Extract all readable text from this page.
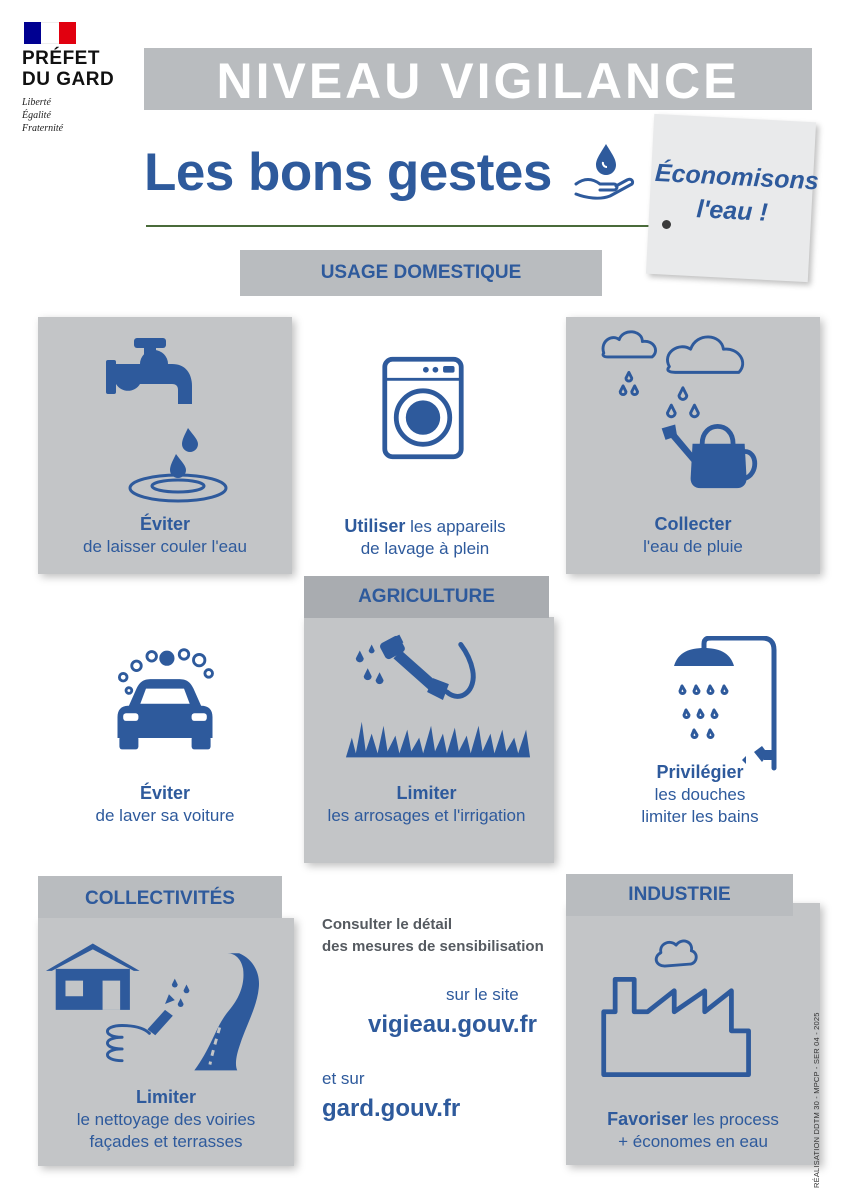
PRÉFET
DU GARD
Liberté
Égalité
Fraternité
NIVEAU VIGILANCE
Les bons gestes	Économisons
l'eau !
USAGE DOMESTIQUE
Éviter
de laisser couler l'eau
Utiliser les appareils
de lavage à plein
Collecter
l'eau de pluie
AGRICULTURE
Éviter
de laver sa voiture
Limiter
les arrosages et l'irrigation
Privilégier
les douches
limiter les bains
COLLECTIVITÉS
Limiter
le nettoyage des voiries
façades et terrasses
Consulter le détail
des mesures de sensibilisation
sur le site
vigieau.gouv.fr
et sur
gard.gouv.fr
INDUSTRIE
Favoriser les process
+ économes en eau	RÉALISATION DDTM 30 - MPCP - SER 04 - 2025
